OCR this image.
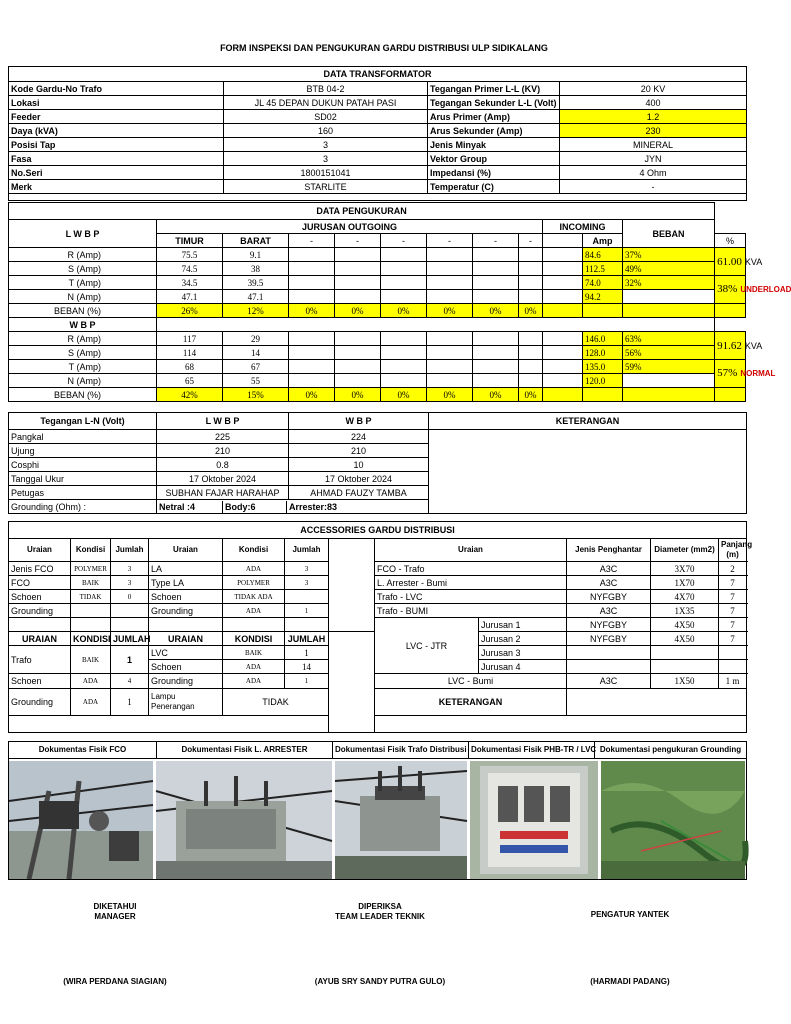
FORM INSPEKSI DAN PENGUKURAN GARDU DISTRIBUSI ULP SIDIKALANG
DATA TRANSFORMATOR			
Kode Gardu-No Trafo	BTB 04-2	Tegangan Primer L-L (KV)	20 KV
Lokasi	JL 45 DEPAN DUKUN PATAH PASI	Tegangan Sekunder L-L (Volt)	400
Feeder	SD02	Arus Primer (Amp)	1.2
Daya (kVA)	160	Arus Sekunder (Amp)	230
Posisi Tap	3	Jenis Minyak	MINERAL
Fasa	3	Vektor Group	JYN
No.Seri	1800151041	Impedansi (%)	4 Ohm
Merk	STARLITE	Temperatur (C)	-

DATA PENGUKURAN												
L W B P	JURUSAN OUTGOING								INCOMING		BEBAN	
	TIMUR	BARAT	-	-	-	-	-	-		Amp		%
R (Amp)	75.5	9.1								84.6	37%	61.00 KVA
S (Amp)	74.5	38								112.5	49%	
T (Amp)	34.5	39.5								74.0	32%	38% UNDERLOAD
N (Amp)	47.1	47.1								94.2		
BEBAN (%)	26%	12%	0%	0%	0%	0%	0%	0%				
W B P												
R (Amp)	117	29								146.0	63%	91.62 KVA
S (Amp)	114	14								128.0	56%	
T (Amp)	68	67								135.0	59%	57% NORMAL
N (Amp)	65	55								120.0		
BEBAN (%)	42%	15%	0%	0%	0%	0%	0%	0%				
Tegangan L-N (Volt)	L W B P	W B P	KETERANGAN
Pangkal	225	224	
Ujung	210	210	
Cosphi	0.8	10	
Tanggal Ukur	17 Oktober 2024	17 Oktober 2024	
Petugas	SUBHAN FAJAR HARAHAP	AHMAD FAUZY TAMBA	
Grounding (Ohm) :	Netral :4 Body:6 Arrester:83		
ACCESSORIES GARDU DISTRIBUSI											
Uraian	Kondisi	Jumlah	Uraian	Kondisi	Jumlah		Uraian		Jenis Penghantar	Diameter (mm2)	Panjang (m)
Jenis FCO	POLYMER	3	LA	ADA	3		FCO - Trafo		A3C	3X70	2
FCO	BAIK	3	Type LA	POLYMER	3		L. Arrester - Bumi		A3C	1X70	7
Schoen	TIDAK	0	Schoen	TIDAK ADA			Trafo - LVC		NYFGBY	4X70	7
Grounding			Grounding	ADA	1		Trafo - BUMI		A3C	1X35	7
							LVC - JTR	Jurusan 1	NYFGBY	4X50	7
URAIAN	KONDISI	JUMLAH	URAIAN	KONDISI	JUMLAH			Jurusan 2	NYFGBY	4X50	7
Trafo	BAIK	1	LVC	BAIK	1			Jurusan 3			
			Schoen	ADA	14			Jurusan 4			
Schoen	ADA	4	Grounding	ADA	1		LVC - Bumi		A3C	1X50	1 m
Grounding	ADA	1	Lampu Penerangan	TIDAK			KETERANGAN				

Dokumentas Fisik FCO	Dokumentasi Fisik L. ARRESTER	Dokumentasi Fisik Trafo Distribusi	Dokumentasi Fisik PHB-TR / LVC	Dokumentasi pengukuran Grounding

DIKETAHUI
MANAGER
(WIRA PERDANA SIAGIAN)
DIPERIKSA
TEAM LEADER TEKNIK
(AYUB SRY SANDY PUTRA GULO)
PENGATUR YANTEK
(HARMADI PADANG)
